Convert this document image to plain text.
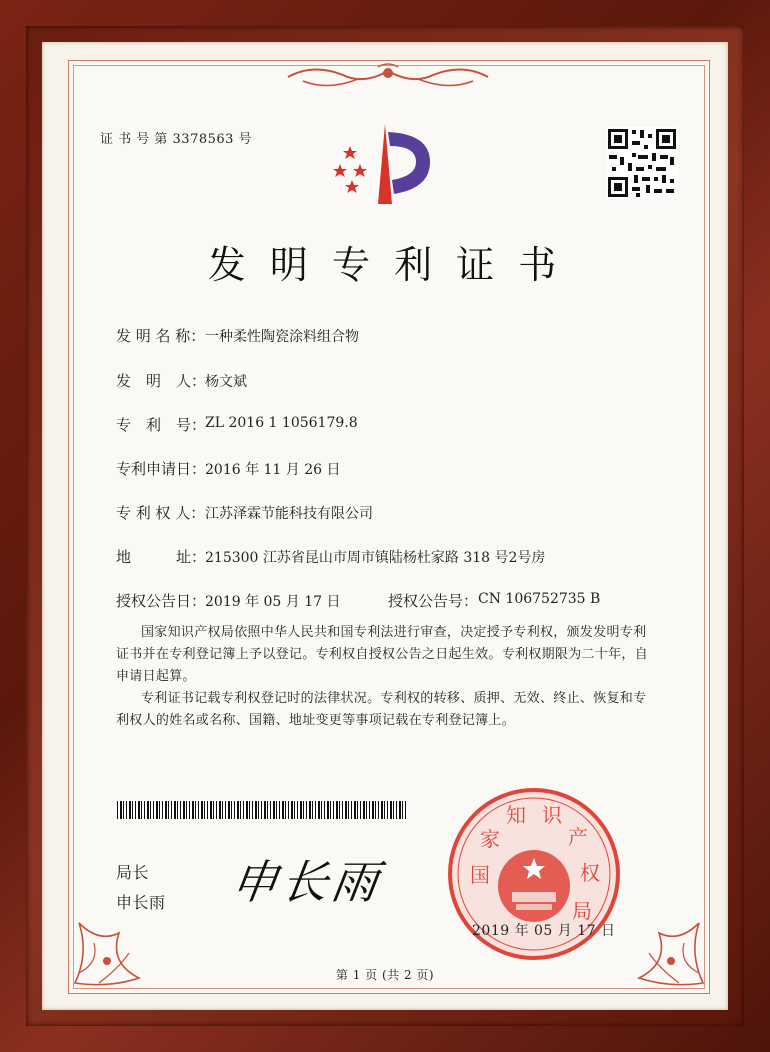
证 书 号 第 3378563 号
发 明 专 利 证 书
发 明 名 称： 一种柔性陶瓷涂料组合物
发　明　人：
杨文斌
专　利　号：
ZL 2016 1 1056179.8
专利申请日：
2016 年 11 月 26 日
专 利 权 人： 江苏泽霖节能科技有限公司
地　　　址：
215300 江苏省昆山市周市镇陆杨杜家路 318 号2号房
授权公告日：
2019 年 05 月 17 日	授权公告号： CN 106752735 B
国家知识产权局依照中华人民共和国专利法进行审查，决定授予专利权，颁发发明专利
证书并在专利登记簿上予以登记。专利权自授权公告之日起生效。专利权期限为二十年，自
申请日起算。
专利证书记载专利权登记时的法律状况。专利权的转移、质押、无效、终止、恢复和专
利权人的姓名或名称、国籍、地址变更等事项记载在专利登记簿上。
局长
申长雨 申长雨	国
家
知 识
产
权
局
2019 年 05 月 17 日
第 1 页 (共 2 页)
